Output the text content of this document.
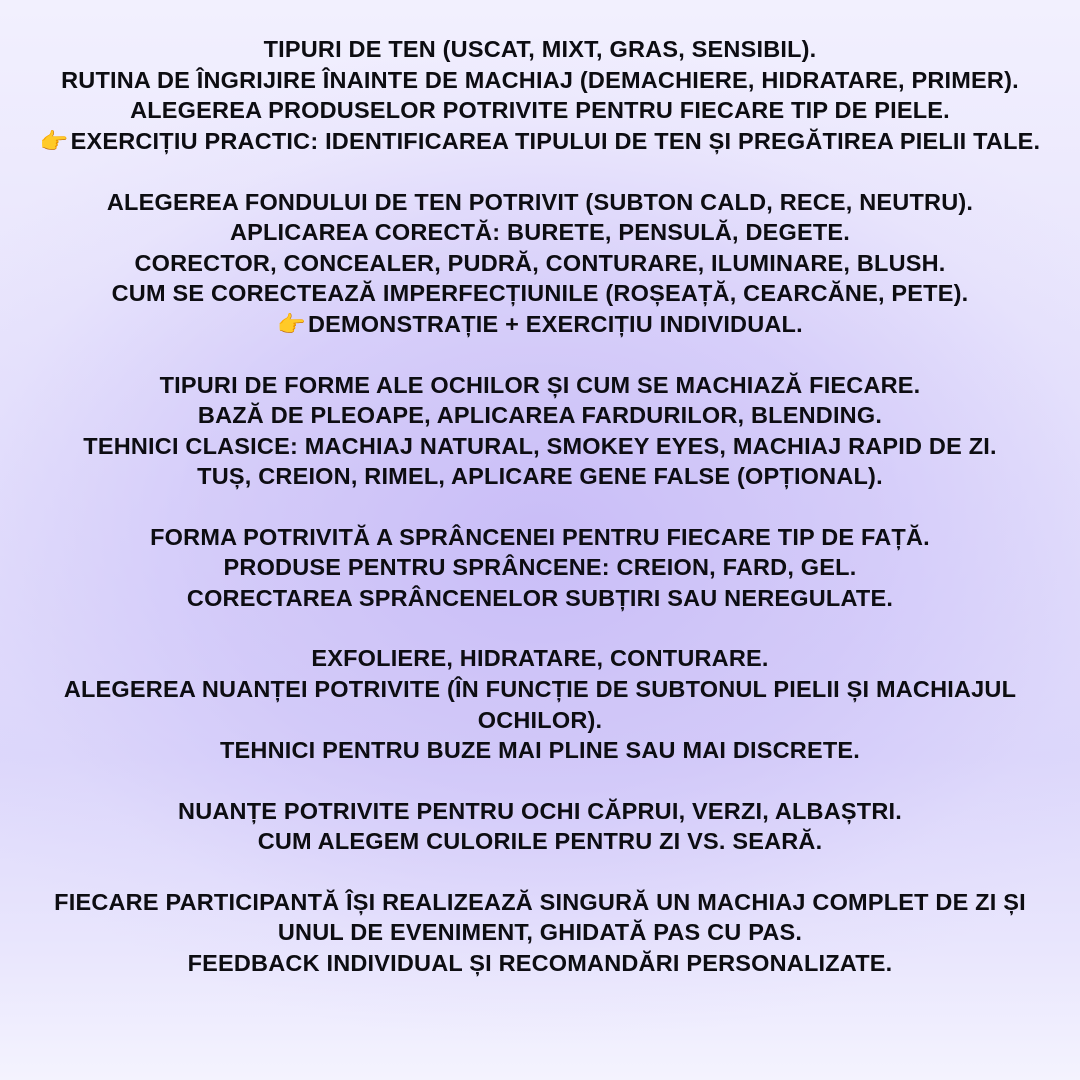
TIPURI DE TEN (USCAT, MIXT, GRAS, SENSIBIL).
RUTINA DE ÎNGRIJIRE ÎNAINTE DE MACHIAJ (DEMACHIERE, HIDRATARE, PRIMER).
ALEGEREA PRODUSELOR POTRIVITE PENTRU FIECARE TIP DE PIELE.
👉EXERCIȚIU PRACTIC: IDENTIFICAREA TIPULUI DE TEN ȘI PREGĂTIREA PIELII TALE.
ALEGEREA FONDULUI DE TEN POTRIVIT (SUBTON CALD, RECE, NEUTRU).
APLICAREA CORECTĂ: BURETE, PENSULĂ, DEGETE.
CORECTOR, CONCEALER, PUDRĂ, CONTURARE, ILUMINARE, BLUSH.
CUM SE CORECTEAZĂ IMPERFECȚIUNILE (ROȘEAȚĂ, CEARCĂNE, PETE).
👉DEMONSTRAȚIE + EXERCIȚIU INDIVIDUAL.
TIPURI DE FORME ALE OCHILOR ȘI CUM SE MACHIAZĂ FIECARE.
BAZĂ DE PLEOAPE, APLICAREA FARDURILOR, BLENDING.
TEHNICI CLASICE: MACHIAJ NATURAL, SMOKEY EYES, MACHIAJ RAPID DE ZI.
TUȘ, CREION, RIMEL, APLICARE GENE FALSE (OPȚIONAL).
FORMA POTRIVITĂ A SPRÂNCENEI PENTRU FIECARE TIP DE FAȚĂ.
PRODUSE PENTRU SPRÂNCENE: CREION, FARD, GEL.
CORECTAREA SPRÂNCENELOR SUBȚIRI SAU NEREGULATE.
EXFOLIERE, HIDRATARE, CONTURARE.
ALEGEREA NUANȚEI POTRIVITE (ÎN FUNCȚIE DE SUBTONUL PIELII ȘI MACHIAJUL OCHILOR).
TEHNICI PENTRU BUZE MAI PLINE SAU MAI DISCRETE.
NUANȚE POTRIVITE PENTRU OCHI CĂPRUI, VERZI, ALBAȘTRI.
CUM ALEGEM CULORILE PENTRU ZI VS. SEARĂ.
FIECARE PARTICIPANTĂ ÎȘI REALIZEAZĂ SINGURĂ UN MACHIAJ COMPLET DE ZI ȘI UNUL DE EVENIMENT, GHIDATĂ PAS CU PAS.
FEEDBACK INDIVIDUAL ȘI RECOMANDĂRI PERSONALIZATE.
